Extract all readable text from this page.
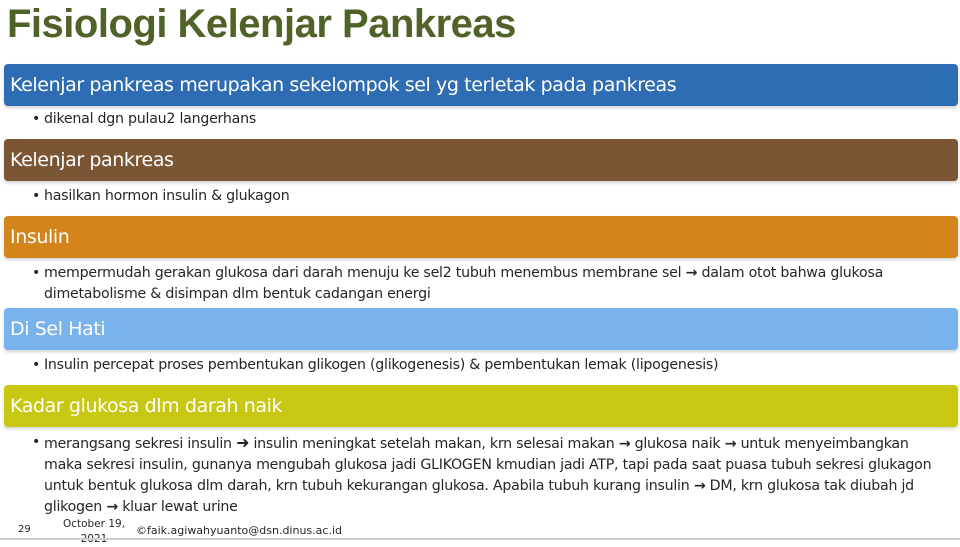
Fisiologi Kelenjar Pankreas
Kelenjar pankreas merupakan sekelompok sel yg terletak pada pankreas
• dikenal dgn pulau2 langerhans
Kelenjar pankreas
• hasilkan hormon insulin & glukagon
Insulin
• mempermudah gerakan glukosa dari darah menuju ke sel2 tubuh menembus membrane sel → dalam otot bahwa glukosa dimetabolisme & disimpan dlm bentuk cadangan energi
Di Sel Hati
• Insulin percepat proses pembentukan glikogen (glikogenesis) & pembentukan lemak (lipogenesis)
Kadar glukosa dlm darah naik
• merangsang sekresi insulin ➜ insulin meningkat setelah makan, krn selesai makan → glukosa naik → untuk menyeimbangkan maka sekresi insulin, gunanya mengubah glukosa jadi GLIKOGEN kmudian jadi ATP, tapi pada saat puasa tubuh sekresi glukagon untuk bentuk glukosa dlm darah, krn tubuh kekurangan glukosa. Apabila tubuh kurang insulin → DM, krn glukosa tak diubah jd glikogen → kluar lewat urine
29	October 19, ©faik.agiwahyuanto@dsn.dinus.ac.id
